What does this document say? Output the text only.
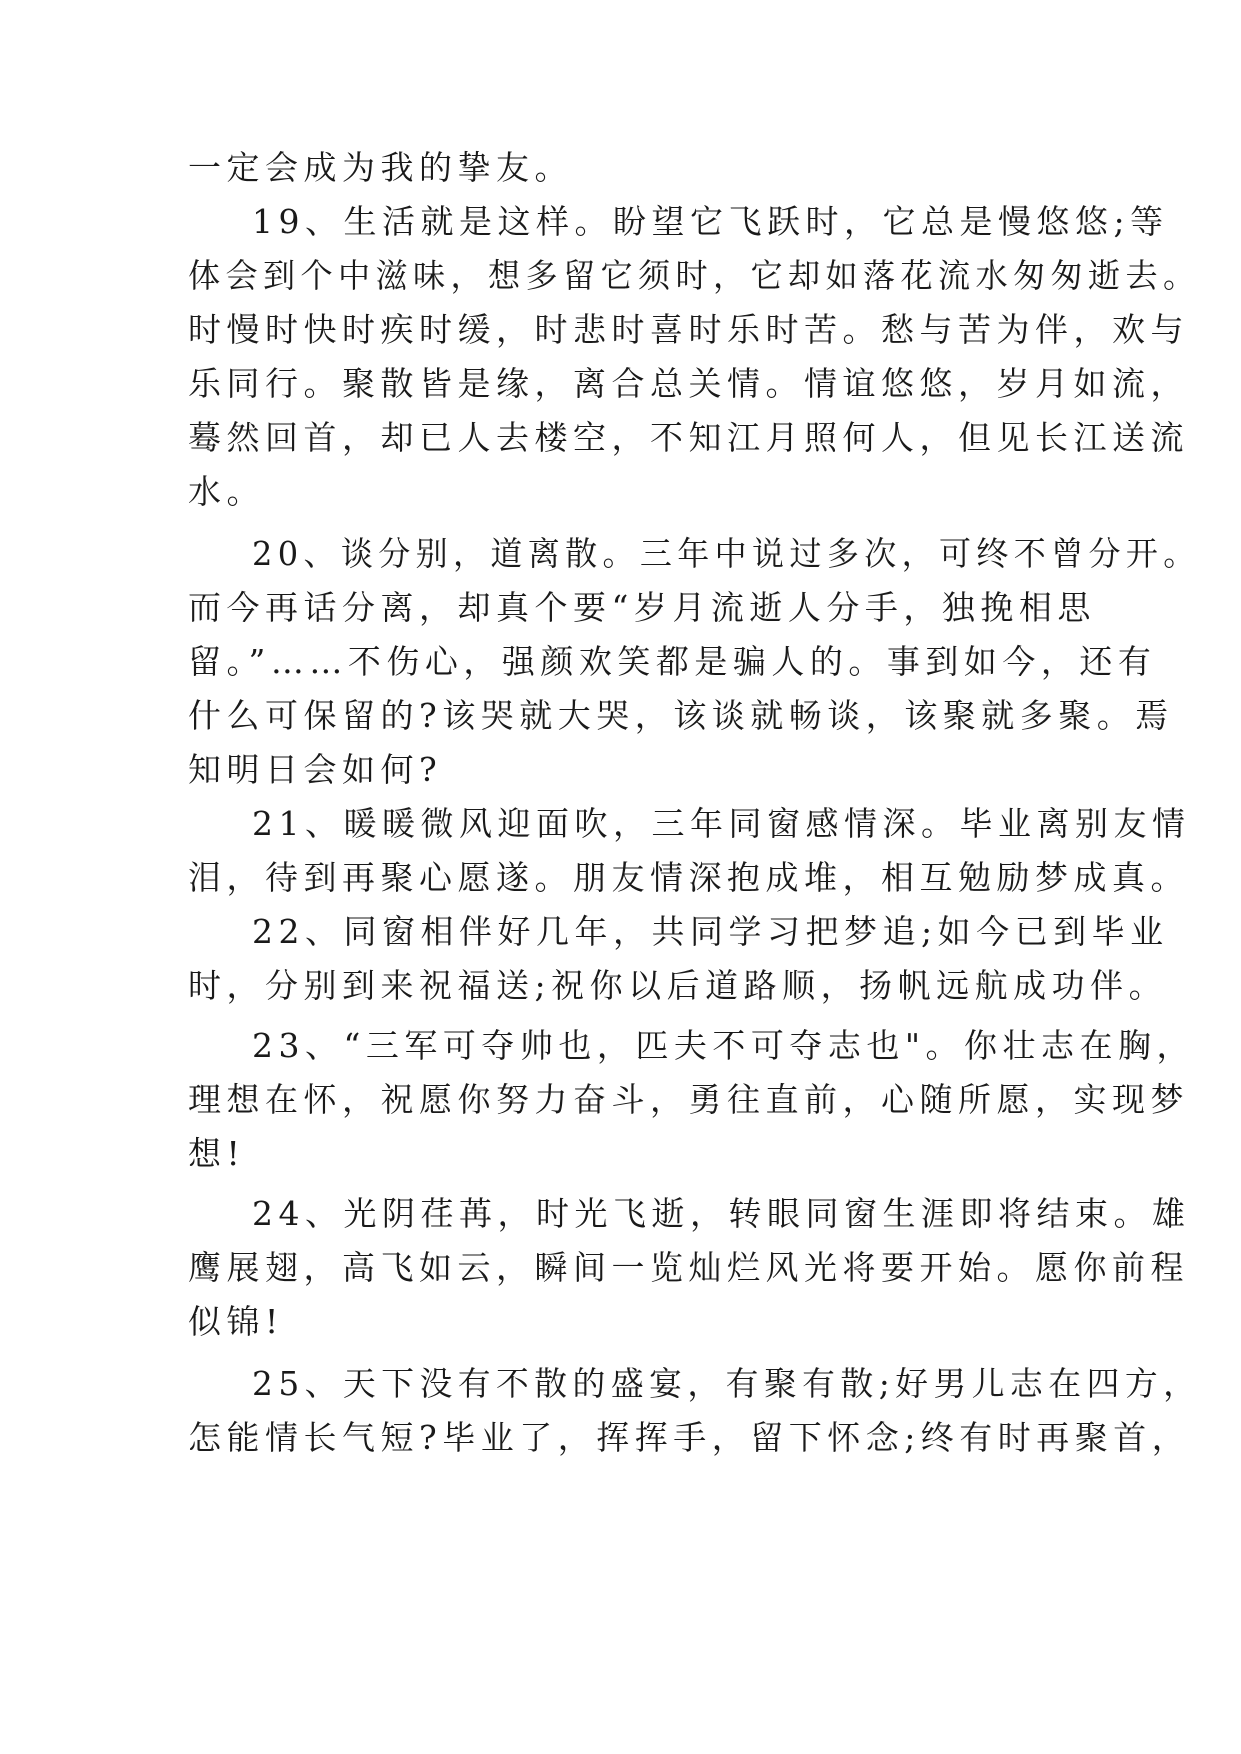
一定会成为我的挚友。
19、生活就是这样。盼望它飞跃时，它总是慢悠悠;等
体会到个中滋味，想多留它须时，它却如落花流水匆匆逝去。
时慢时快时疾时缓，时悲时喜时乐时苦。愁与苦为伴，欢与
乐同行。聚散皆是缘，离合总关情。情谊悠悠，岁月如流，
蓦然回首，却已人去楼空，不知江月照何人，但见长江送流
水。
20、谈分别，道离散。三年中说过多次，可终不曾分开。
而今再话分离，却真个要“岁月流逝人分手，独挽相思
留。”……不伤心，强颜欢笑都是骗人的。事到如今，还有
什么可保留的?该哭就大哭，该谈就畅谈，该聚就多聚。焉
知明日会如何?
21、暖暖微风迎面吹，三年同窗感情深。毕业离别友情
泪，待到再聚心愿遂。朋友情深抱成堆，相互勉励梦成真。
22、同窗相伴好几年，共同学习把梦追;如今已到毕业
时，分别到来祝福送;祝你以后道路顺，扬帆远航成功伴。
23、“三军可夺帅也，匹夫不可夺志也"。你壮志在胸，
理想在怀，祝愿你努力奋斗，勇往直前，心随所愿，实现梦
想!
24、光阴荏苒，时光飞逝，转眼同窗生涯即将结束。雄
鹰展翅，高飞如云，瞬间一览灿烂风光将要开始。愿你前程
似锦!
25、天下没有不散的盛宴，有聚有散;好男儿志在四方，
怎能情长气短?毕业了，挥挥手，留下怀念;终有时再聚首，
